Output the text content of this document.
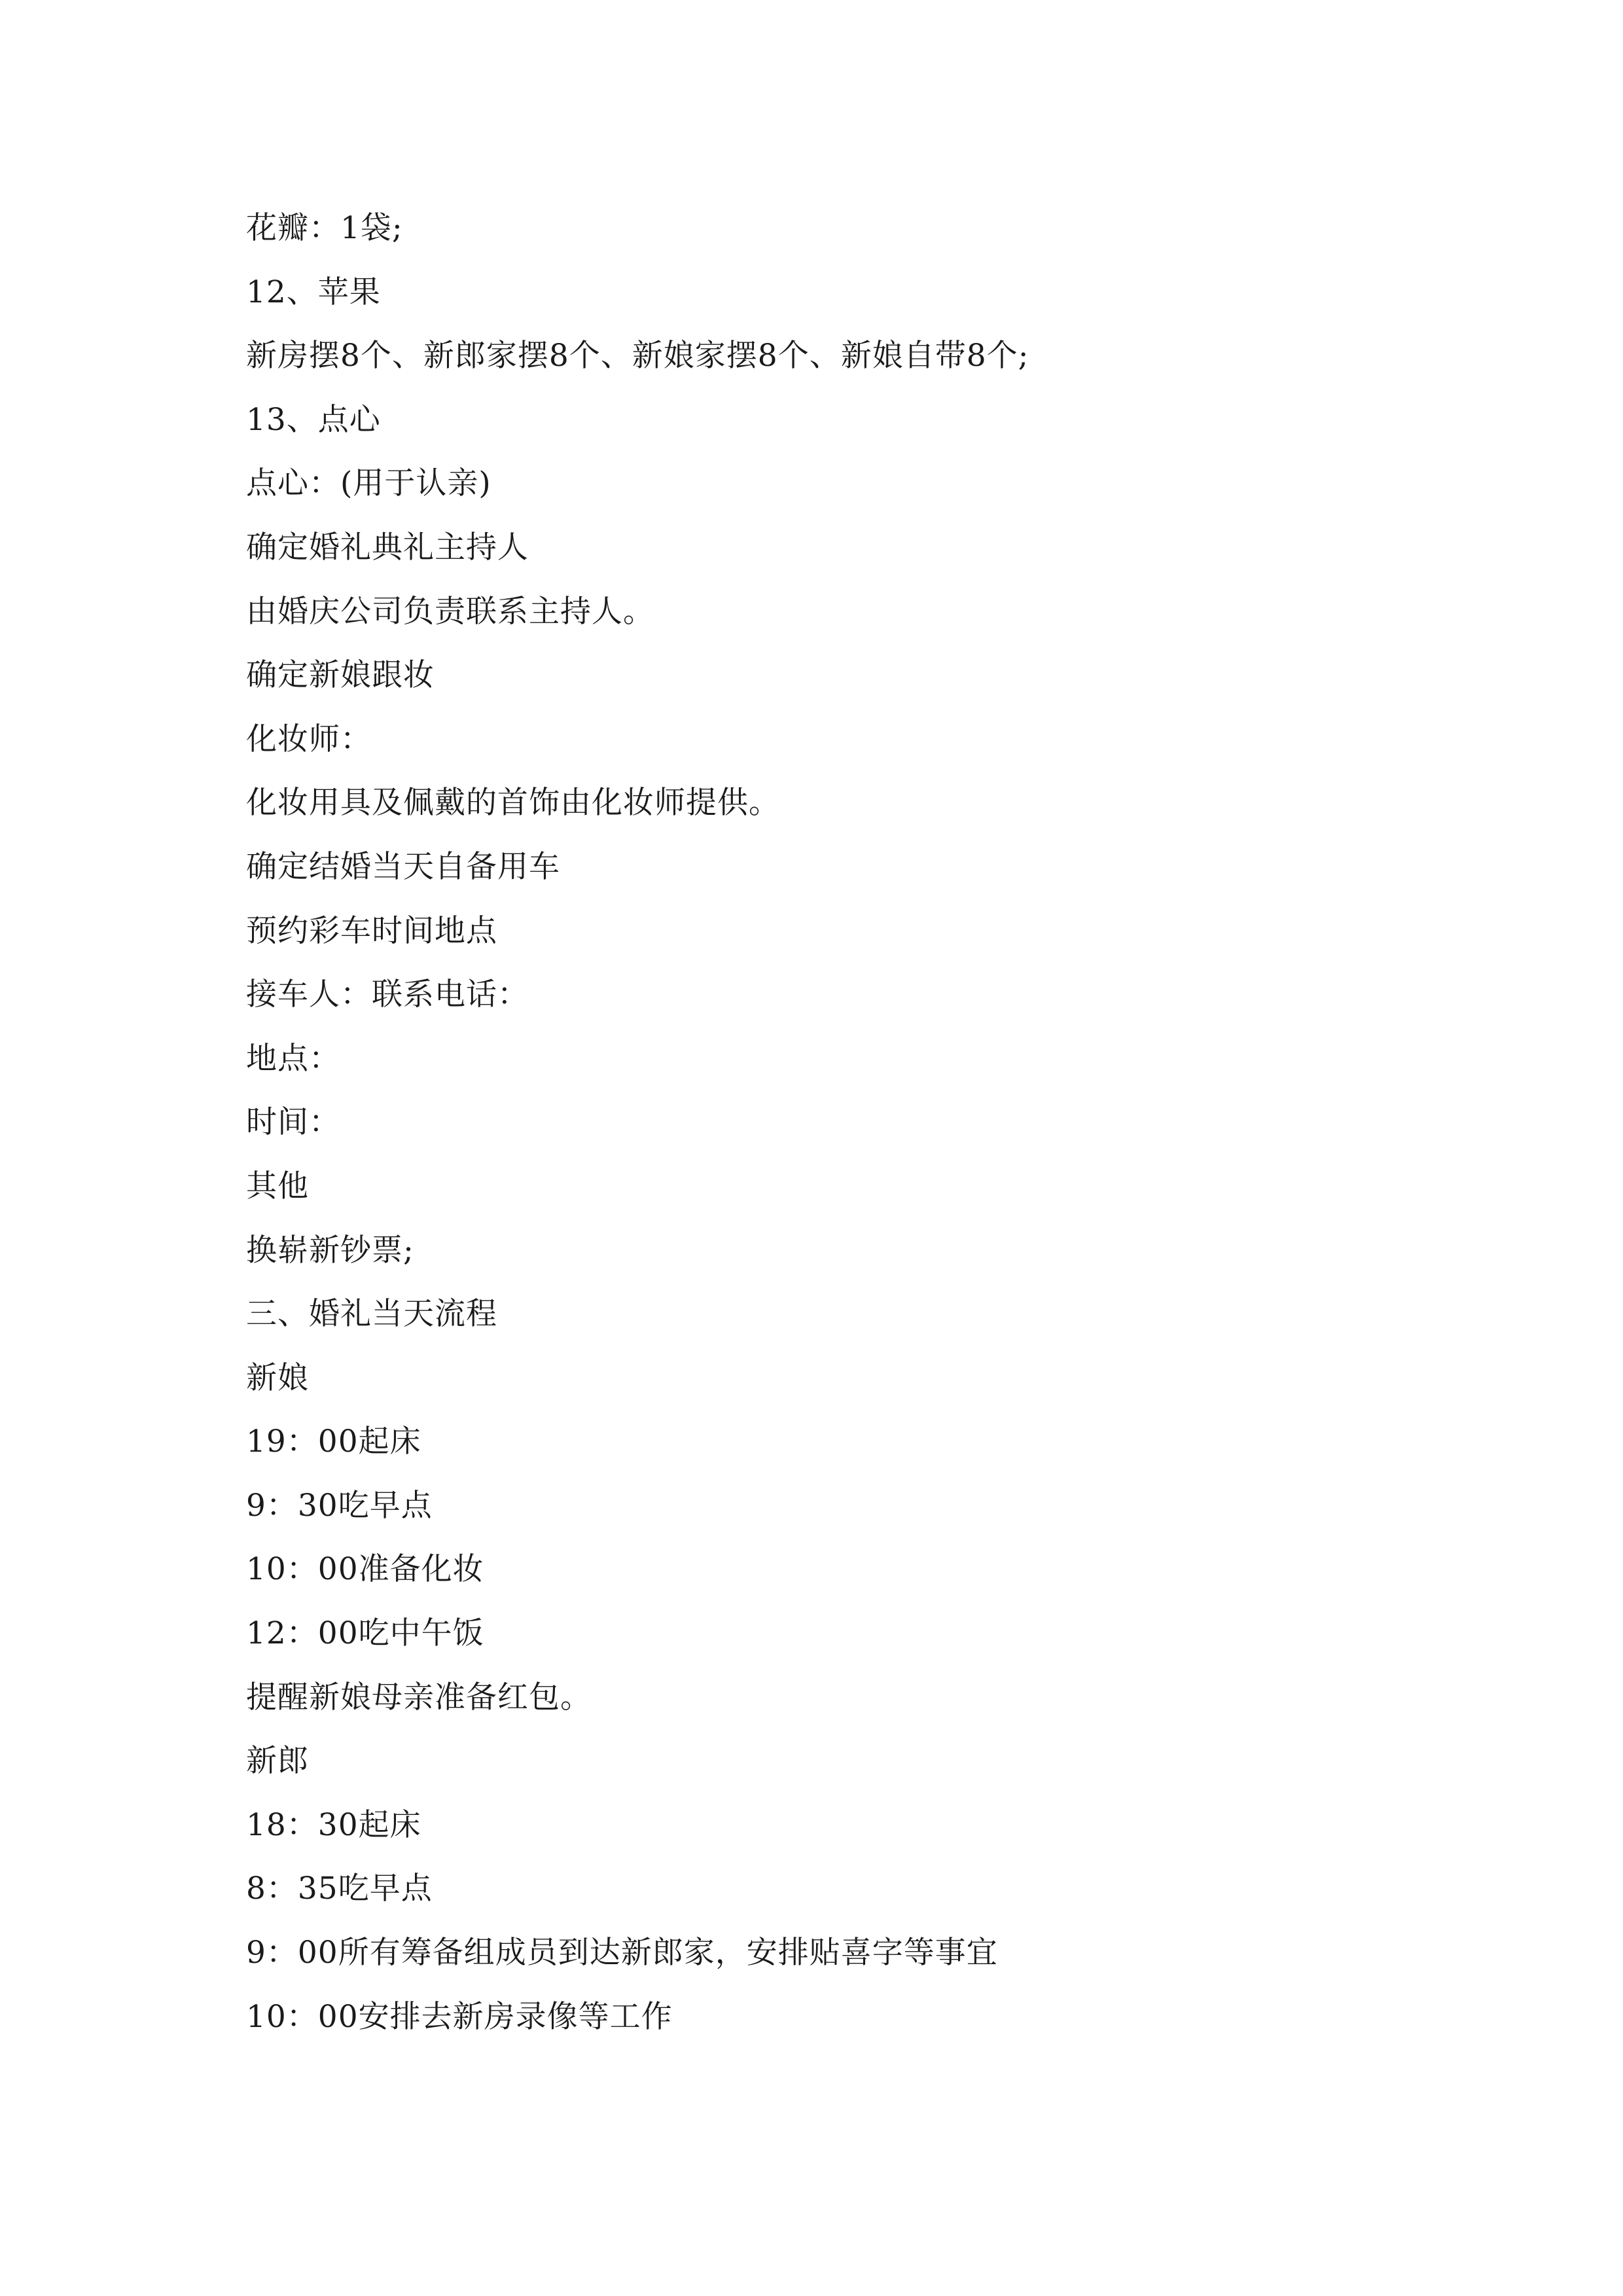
花瓣：1袋;
12、苹果
新房摆8个、新郎家摆8个、新娘家摆8个、新娘自带8个;
13、点心
点心：(用于认亲)
确定婚礼典礼主持人
由婚庆公司负责联系主持人。
确定新娘跟妆
化妆师：
化妆用具及佩戴的首饰由化妆师提供。
确定结婚当天自备用车
预约彩车时间地点
接车人：联系电话：
地点：
时间：
其他
换崭新钞票;
三、婚礼当天流程
新娘
19：00起床
9：30吃早点
10：00准备化妆
12：00吃中午饭
提醒新娘母亲准备红包。
新郎
18：30起床
8：35吃早点
9：00所有筹备组成员到达新郎家，安排贴喜字等事宜
10：00安排去新房录像等工作
